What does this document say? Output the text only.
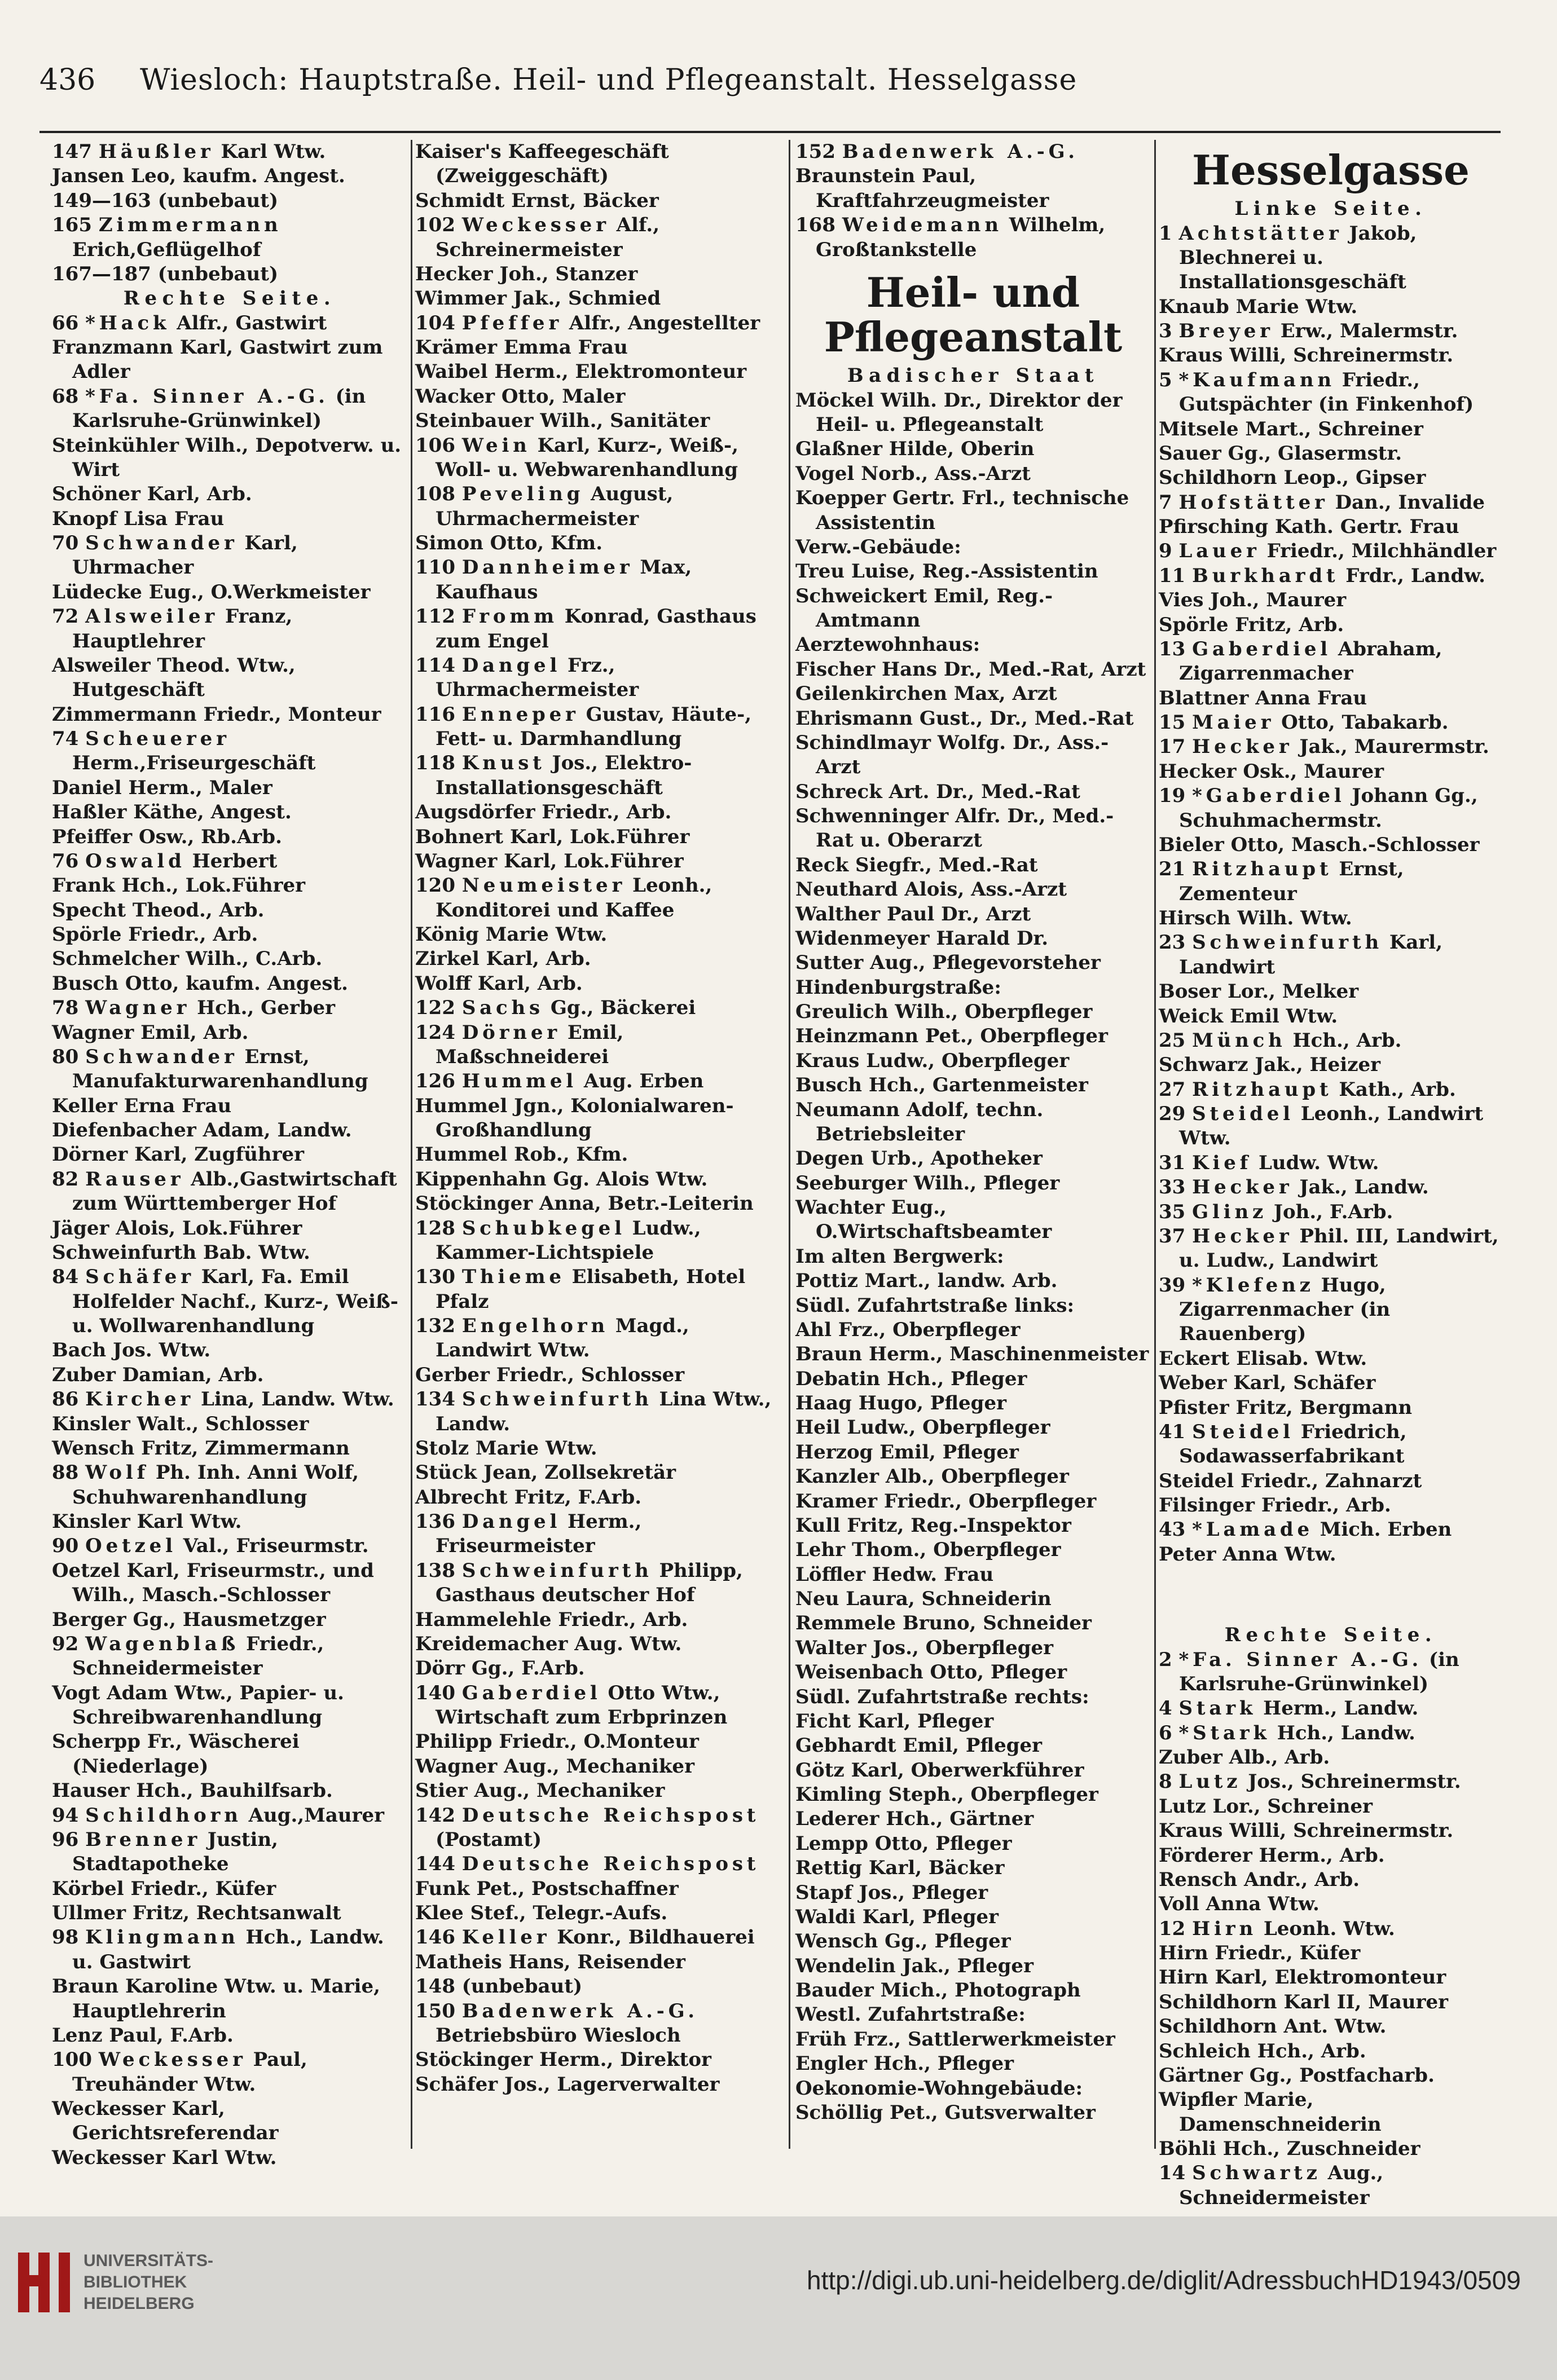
436 Wiesloch: Hauptstraße. Heil- und Pflegeanstalt. Hesselgasse
147 Häußler Karl Wtw.
Jansen Leo, kaufm. Angest.
149—163 (unbebaut)
165 Zimmermann Erich,Geflügelhof
167—187 (unbebaut)
Rechte Seite.
66 *Hack Alfr., Gastwirt
Franzmann Karl, Gastwirt zum Adler
68 *Fa. Sinner A.-G. (in Karlsruhe-Grünwinkel)
Steinkühler Wilh., Depotverw. u. Wirt
Schöner Karl, Arb.
Knopf Lisa Frau
70 Schwander Karl, Uhrmacher
Lüdecke Eug., O.Werkmeister
72 Alsweiler Franz, Hauptlehrer
Alsweiler Theod. Wtw., Hutgeschäft
Zimmermann Friedr., Monteur
74 Scheuerer Herm.,Friseurgeschäft
Daniel Herm., Maler
Haßler Käthe, Angest.
Pfeiffer Osw., Rb.Arb.
76 Oswald Herbert
Frank Hch., Lok.Führer
Specht Theod., Arb.
Spörle Friedr., Arb.
Schmelcher Wilh., C.Arb.
Busch Otto, kaufm. Angest.
78 Wagner Hch., Gerber
Wagner Emil, Arb.
80 Schwander Ernst, Manufakturwarenhandlung
Keller Erna Frau
Diefenbacher Adam, Landw.
Dörner Karl, Zugführer
82 Rauser Alb.,Gastwirtschaft zum Württemberger Hof
Jäger Alois, Lok.Führer
Schweinfurth Bab. Wtw.
84 Schäfer Karl, Fa. Emil Holfelder Nachf., Kurz-, Weiß- u. Wollwarenhandlung
Bach Jos. Wtw.
Zuber Damian, Arb.
86 Kircher Lina, Landw. Wtw.
Kinsler Walt., Schlosser
Wensch Fritz, Zimmermann
88 Wolf Ph. Inh. Anni Wolf, Schuhwarenhandlung
Kinsler Karl Wtw.
90 Oetzel Val., Friseurmstr.
Oetzel Karl, Friseurmstr., und Wilh., Masch.-Schlosser
Berger Gg., Hausmetzger
92 Wagenblaß Friedr., Schneidermeister
Vogt Adam Wtw., Papier- u. Schreibwarenhandlung
Scherpp Fr., Wäscherei (Niederlage)
Hauser Hch., Bauhilfsarb.
94 Schildhorn Aug.,Maurer
96 Brenner Justin, Stadtapotheke
Körbel Friedr., Küfer
Ullmer Fritz, Rechtsanwalt
98 Klingmann Hch., Landw. u. Gastwirt
Braun Karoline Wtw. u. Marie, Hauptlehrerin
Lenz Paul, F.Arb.
100 Weckesser Paul, Treuhänder Wtw.
Weckesser Karl, Gerichtsreferendar
Weckesser Karl Wtw.
Kaiser's Kaffeegeschäft (Zweiggeschäft)
Schmidt Ernst, Bäcker
102 Weckesser Alf., Schreinermeister
Hecker Joh., Stanzer
Wimmer Jak., Schmied
104 Pfeffer Alfr., Angestellter
Krämer Emma Frau
Waibel Herm., Elektromonteur
Wacker Otto, Maler
Steinbauer Wilh., Sanitäter
106 Wein Karl, Kurz-, Weiß-, Woll- u. Webwarenhandlung
108 Peveling August, Uhrmachermeister
Simon Otto, Kfm.
110 Dannheimer Max, Kaufhaus
112 Fromm Konrad, Gasthaus zum Engel
114 Dangel Frz., Uhrmachermeister
116 Enneper Gustav, Häute-, Fett- u. Darmhandlung
118 Knust Jos., Elektro-Installationsgeschäft
Augsdörfer Friedr., Arb.
Bohnert Karl, Lok.Führer
Wagner Karl, Lok.Führer
120 Neumeister Leonh., Konditorei und Kaffee
König Marie Wtw.
Zirkel Karl, Arb.
Wolff Karl, Arb.
122 Sachs Gg., Bäckerei
124 Dörner Emil, Maßschneiderei
126 Hummel Aug. Erben
Hummel Jgn., Kolonialwaren-Großhandlung
Hummel Rob., Kfm.
Kippenhahn Gg. Alois Wtw.
Stöckinger Anna, Betr.-Leiterin
128 Schubkegel Ludw., Kammer-Lichtspiele
130 Thieme Elisabeth, Hotel Pfalz
132 Engelhorn Magd., Landwirt Wtw.
Gerber Friedr., Schlosser
134 Schweinfurth Lina Wtw., Landw.
Stolz Marie Wtw.
Stück Jean, Zollsekretär
Albrecht Fritz, F.Arb.
136 Dangel Herm., Friseurmeister
138 Schweinfurth Philipp, Gasthaus deutscher Hof
Hammelehle Friedr., Arb.
Kreidemacher Aug. Wtw.
Dörr Gg., F.Arb.
140 Gaberdiel Otto Wtw., Wirtschaft zum Erbprinzen
Philipp Friedr., O.Monteur
Wagner Aug., Mechaniker
Stier Aug., Mechaniker
142 Deutsche Reichspost (Postamt)
144 Deutsche Reichspost
Funk Pet., Postschaffner
Klee Stef., Telegr.-Aufs.
146 Keller Konr., Bildhauerei
Matheis Hans, Reisender
148 (unbebaut)
150 Badenwerk A.-G. Betriebsbüro Wiesloch
Stöckinger Herm., Direktor
Schäfer Jos., Lagerverwalter
152 Badenwerk A.-G.
Braunstein Paul, Kraftfahrzeugmeister
168 Weidemann Wilhelm, Großtankstelle
Heil- und Pflegeanstalt
Badischer Staat
Möckel Wilh. Dr., Direktor der Heil- u. Pflegeanstalt
Glaßner Hilde, Oberin
Vogel Norb., Ass.-Arzt
Koepper Gertr. Frl., technische Assistentin
Verw.-Gebäude:
Treu Luise, Reg.-Assistentin
Schweickert Emil, Reg.-Amtmann
Aerztewohnhaus:
Fischer Hans Dr., Med.-Rat, Arzt
Geilenkirchen Max, Arzt
Ehrismann Gust., Dr., Med.-Rat
Schindlmayr Wolfg. Dr., Ass.-Arzt
Schreck Art. Dr., Med.-Rat
Schwenninger Alfr. Dr., Med.-Rat u. Oberarzt
Reck Siegfr., Med.-Rat
Neuthard Alois, Ass.-Arzt
Walther Paul Dr., Arzt
Widenmeyer Harald Dr.
Sutter Aug., Pflegevorsteher
Hindenburgstraße:
Greulich Wilh., Oberpfleger
Heinzmann Pet., Oberpfleger
Kraus Ludw., Oberpfleger
Busch Hch., Gartenmeister
Neumann Adolf, techn. Betriebsleiter
Degen Urb., Apotheker
Seeburger Wilh., Pfleger
Wachter Eug., O.Wirtschaftsbeamter
Im alten Bergwerk:
Pottiz Mart., landw. Arb.
Südl. Zufahrtstraße links:
Ahl Frz., Oberpfleger
Braun Herm., Maschinenmeister
Debatin Hch., Pfleger
Haag Hugo, Pfleger
Heil Ludw., Oberpfleger
Herzog Emil, Pfleger
Kanzler Alb., Oberpfleger
Kramer Friedr., Oberpfleger
Kull Fritz, Reg.-Inspektor
Lehr Thom., Oberpfleger
Löffler Hedw. Frau
Neu Laura, Schneiderin
Remmele Bruno, Schneider
Walter Jos., Oberpfleger
Weisenbach Otto, Pfleger
Südl. Zufahrtstraße rechts:
Ficht Karl, Pfleger
Gebhardt Emil, Pfleger
Götz Karl, Oberwerkführer
Kimling Steph., Oberpfleger
Lederer Hch., Gärtner
Lempp Otto, Pfleger
Rettig Karl, Bäcker
Stapf Jos., Pfleger
Waldi Karl, Pfleger
Wensch Gg., Pfleger
Wendelin Jak., Pfleger
Bauder Mich., Photograph
Westl. Zufahrtstraße:
Früh Frz., Sattlerwerkmeister
Engler Hch., Pfleger
Oekonomie-Wohngebäude:
Schöllig Pet., Gutsverwalter
Hesselgasse
Linke Seite.
1 Achtstätter Jakob, Blechnerei u. Installationsgeschäft
Knaub Marie Wtw.
3 Breyer Erw., Malermstr.
Kraus Willi, Schreinermstr.
5 *Kaufmann Friedr., Gutspächter (in Finkenhof)
Mitsele Mart., Schreiner
Sauer Gg., Glasermstr.
Schildhorn Leop., Gipser
7 Hofstätter Dan., Invalide
Pfirsching Kath. Gertr. Frau
9 Lauer Friedr., Milchhändler
11 Burkhardt Frdr., Landw.
Vies Joh., Maurer
Spörle Fritz, Arb.
13 Gaberdiel Abraham, Zigarrenmacher
Blattner Anna Frau
15 Maier Otto, Tabakarb.
17 Hecker Jak., Maurermstr.
Hecker Osk., Maurer
19 *Gaberdiel Johann Gg., Schuhmachermstr.
Bieler Otto, Masch.-Schlosser
21 Ritzhaupt Ernst, Zementeur
Hirsch Wilh. Wtw.
23 Schweinfurth Karl, Landwirt
Boser Lor., Melker
Weick Emil Wtw.
25 Münch Hch., Arb.
Schwarz Jak., Heizer
27 Ritzhaupt Kath., Arb.
29 Steidel Leonh., Landwirt Wtw.
31 Kief Ludw. Wtw.
33 Hecker Jak., Landw.
35 Glinz Joh., F.Arb.
37 Hecker Phil. III, Landwirt, u. Ludw., Landwirt
39 *Klefenz Hugo, Zigarrenmacher (in Rauenberg)
Eckert Elisab. Wtw.
Weber Karl, Schäfer
Pfister Fritz, Bergmann
41 Steidel Friedrich, Sodawasserfabrikant
Steidel Friedr., Zahnarzt
Filsinger Friedr., Arb.
43 *Lamade Mich. Erben
Peter Anna Wtw.
Rechte Seite.
2 *Fa. Sinner A.-G. (in Karlsruhe-Grünwinkel)
4 Stark Herm., Landw.
6 *Stark Hch., Landw.
Zuber Alb., Arb.
8 Lutz Jos., Schreinermstr.
Lutz Lor., Schreiner
Kraus Willi, Schreinermstr.
Förderer Herm., Arb.
Rensch Andr., Arb.
Voll Anna Wtw.
12 Hirn Leonh. Wtw.
Hirn Friedr., Küfer
Hirn Karl, Elektromonteur
Schildhorn Karl II, Maurer
Schildhorn Ant. Wtw.
Schleich Hch., Arb.
Gärtner Gg., Postfacharb.
Wipfler Marie, Damenschneiderin
Böhli Hch., Zuschneider
14 Schwartz Aug., Schneidermeister
UNIVERSITÄTS-
BIBLIOTHEK
HEIDELBERG
http://digi.ub.uni-heidelberg.de/diglit/AdressbuchHD1943/0509
